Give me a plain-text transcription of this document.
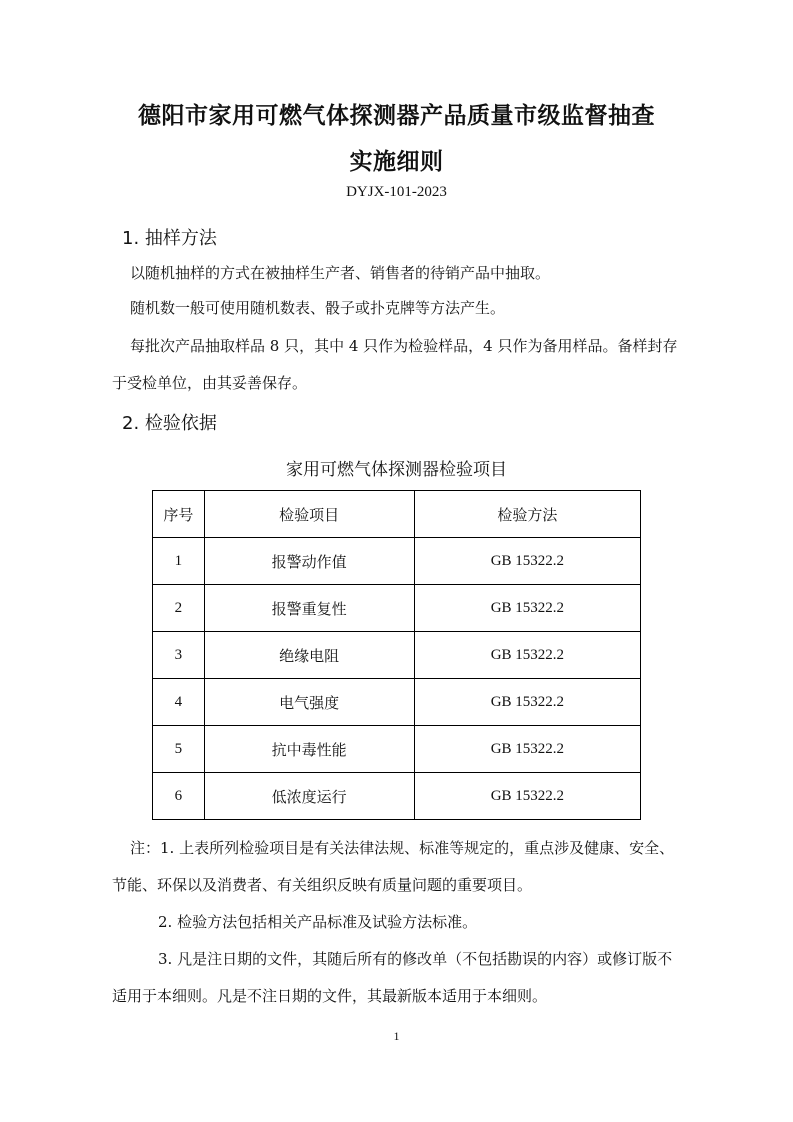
德阳市家用可燃气体探测器产品质量市级监督抽查
实施细则
DYJX-101-2023
1. 抽样方法
以随机抽样的方式在被抽样生产者、销售者的待销产品中抽取。
随机数一般可使用随机数表、骰子或扑克牌等方法产生。
每批次产品抽取样品 8 只，其中 4 只作为检验样品，4 只作为备用样品。备样封存
于受检单位，由其妥善保存。
2. 检验依据
家用可燃气体探测器检验项目
序号	检验项目	检验方法
1	报警动作值	GB 15322.2
2	报警重复性	GB 15322.2
3	绝缘电阻	GB 15322.2
4	电气强度	GB 15322.2
5	抗中毒性能	GB 15322.2
6	低浓度运行	GB 15322.2
注：1. 上表所列检验项目是有关法律法规、标准等规定的，重点涉及健康、安全、
节能、环保以及消费者、有关组织反映有质量问题的重要项目。
2. 检验方法包括相关产品标准及试验方法标准。
3. 凡是注日期的文件，其随后所有的修改单（不包括勘误的内容）或修订版不
适用于本细则。凡是不注日期的文件，其最新版本适用于本细则。
1
